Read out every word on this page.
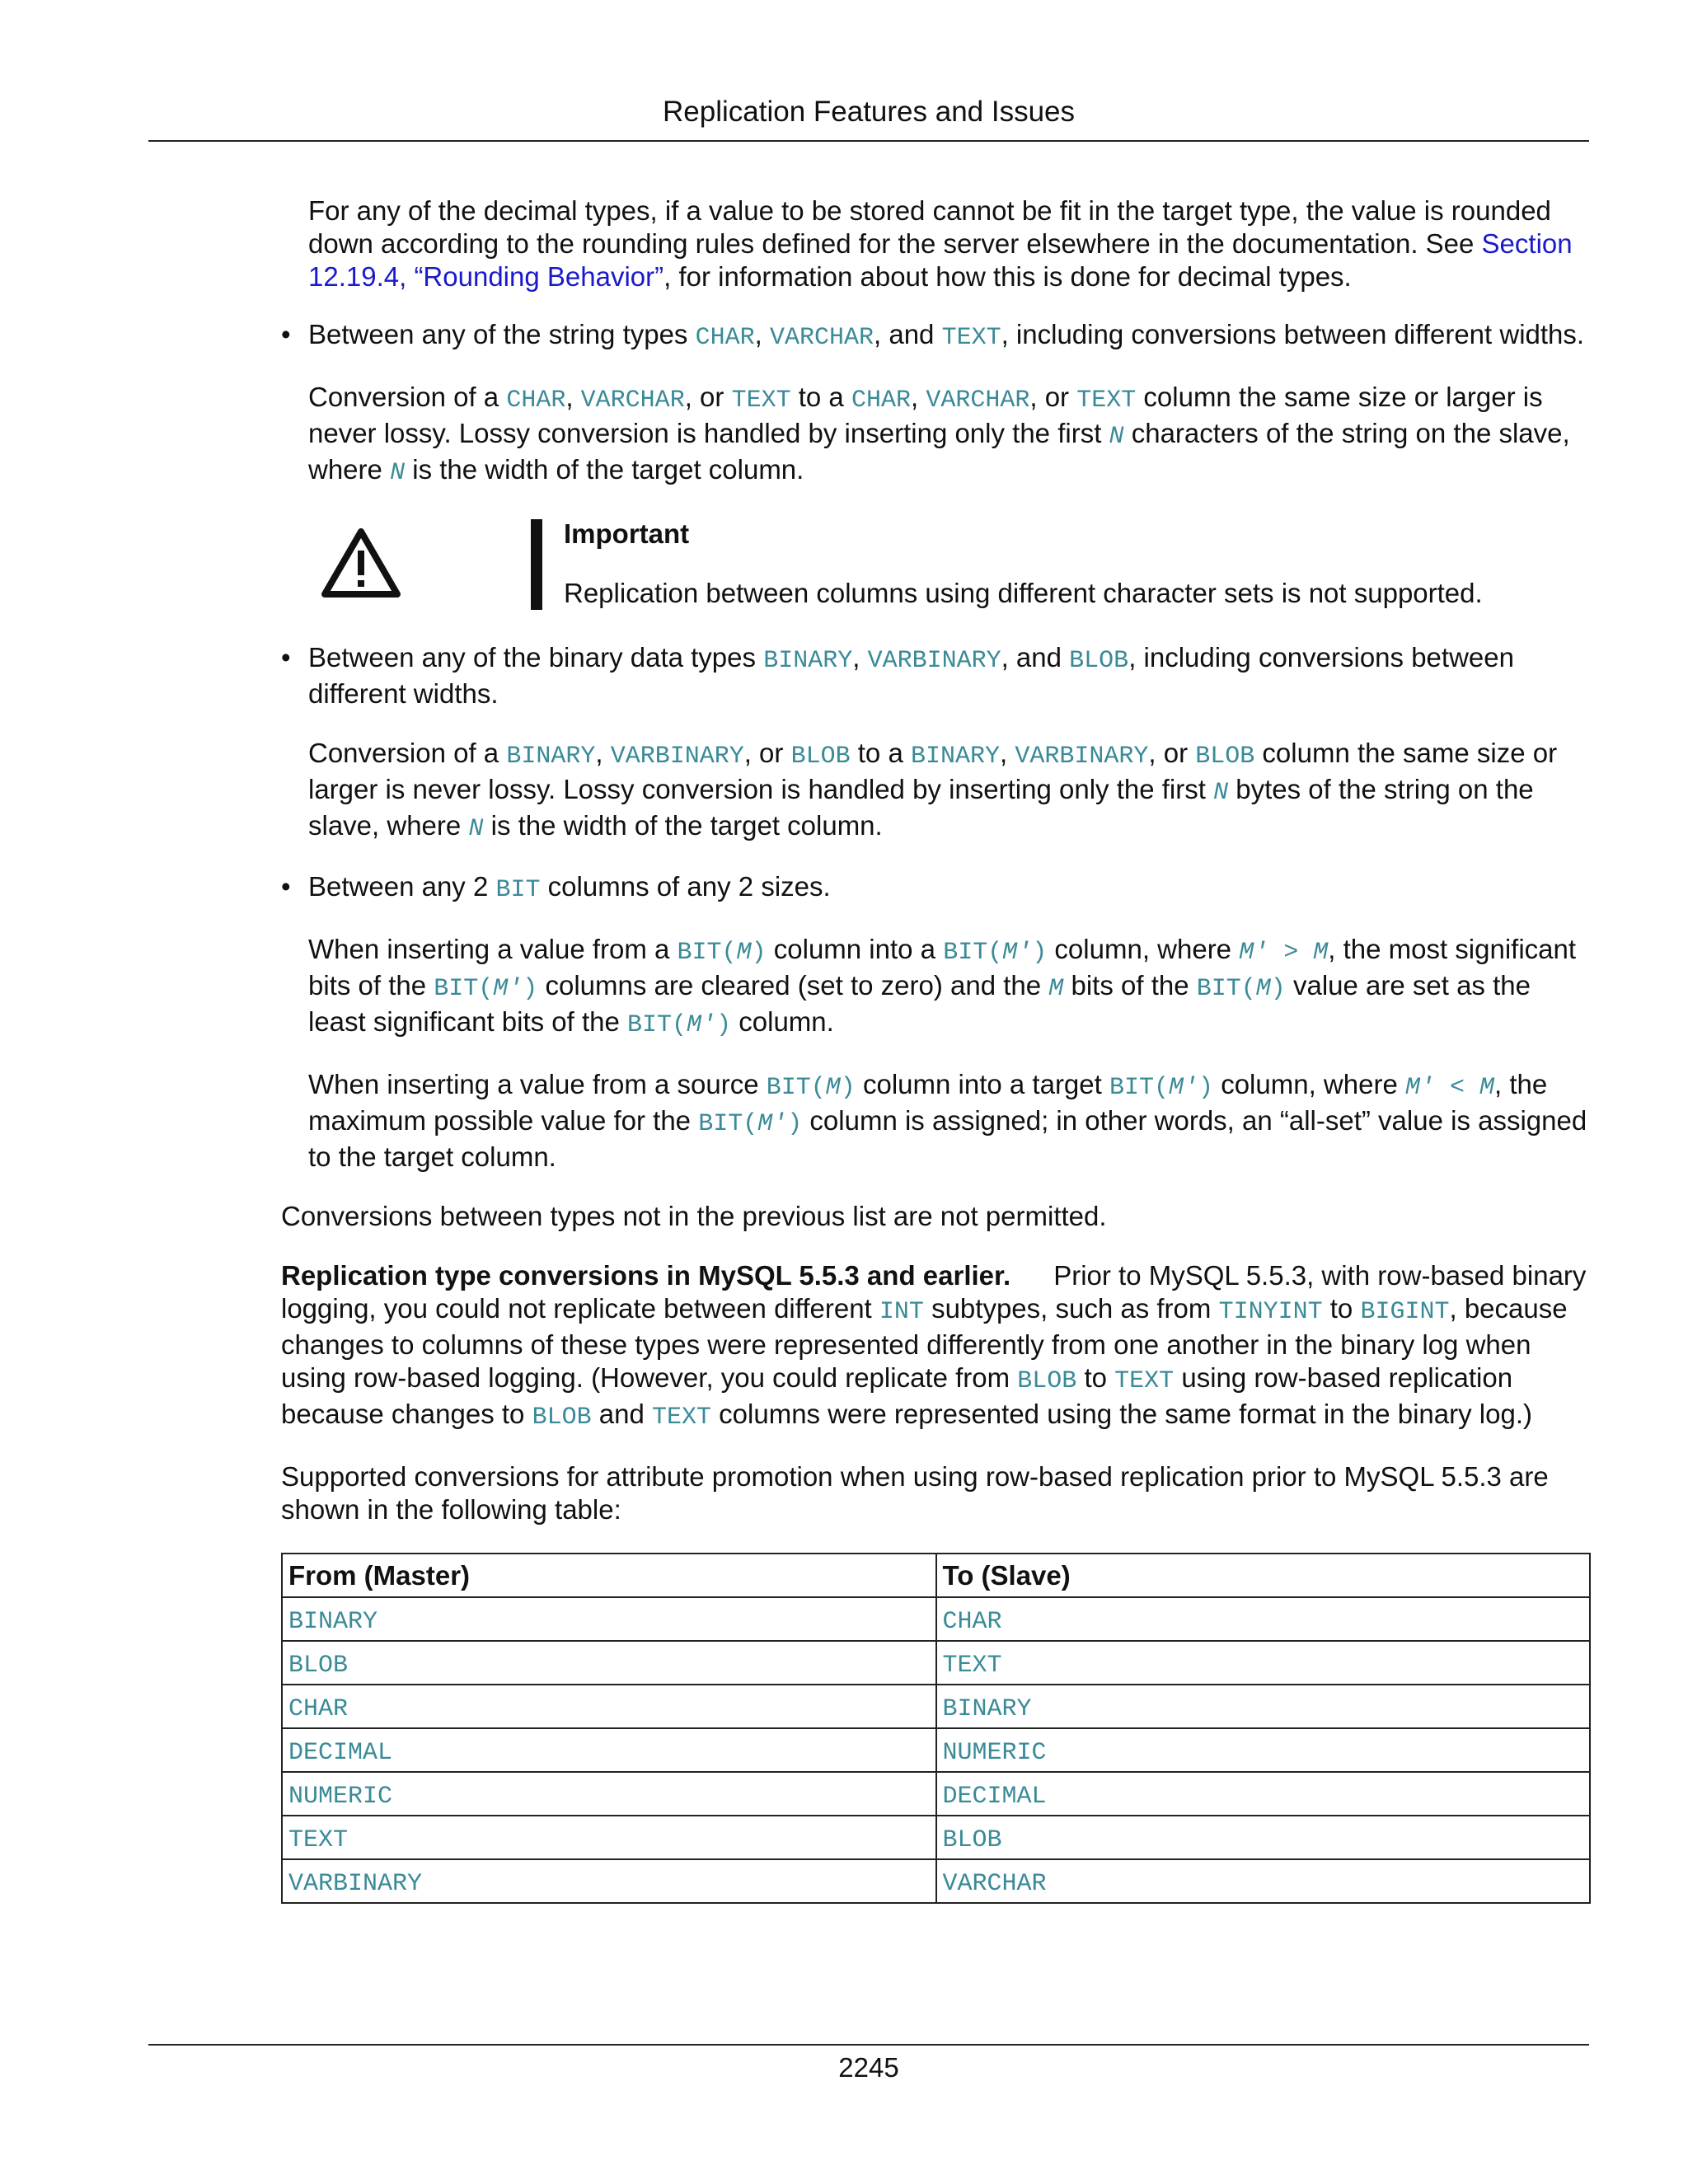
Replication Features and Issues

For any of the decimal types, if a value to be stored cannot be fit in the target type, the value is rounded down according to the rounding rules defined for the server elsewhere in the documentation. See Section 12.19.4, “Rounding Behavior”, for information about how this is done for decimal types.

• Between any of the string types CHAR, VARCHAR, and TEXT, including conversions between different widths.

Conversion of a CHAR, VARCHAR, or TEXT to a CHAR, VARCHAR, or TEXT column the same size or larger is never lossy. Lossy conversion is handled by inserting only the first N characters of the string on the slave, where N is the width of the target column.

Important
Replication between columns using different character sets is not supported.
• Between any of the binary data types BINARY, VARBINARY, and BLOB, including conversions between different widths.

Conversion of a BINARY, VARBINARY, or BLOB to a BINARY, VARBINARY, or BLOB column the same size or larger is never lossy. Lossy conversion is handled by inserting only the first N bytes of the string on the slave, where N is the width of the target column.

• Between any 2 BIT columns of any 2 sizes.

When inserting a value from a BIT(M) column into a BIT(M') column, where M' > M, the most significant bits of the BIT(M') columns are cleared (set to zero) and the M bits of the BIT(M) value are set as the least significant bits of the BIT(M') column.

When inserting a value from a source BIT(M) column into a target BIT(M') column, where M' < M, the maximum possible value for the BIT(M') column is assigned; in other words, an “all-set” value is assigned to the target column.

Conversions between types not in the previous list are not permitted.

Replication type conversions in MySQL 5.5.3 and earlier. Prior to MySQL 5.5.3, with row-based binary logging, you could not replicate between different INT subtypes, such as from TINYINT to BIGINT, because changes to columns of these types were represented differently from one another in the binary log when using row-based logging. (However, you could replicate from BLOB to TEXT using row-based replication because changes to BLOB and TEXT columns were represented using the same format in the binary log.)

Supported conversions for attribute promotion when using row-based replication prior to MySQL 5.5.3 are shown in the following table:

From (Master)	To (Slave)
BINARY	CHAR
BLOB	TEXT
CHAR	BINARY
DECIMAL	NUMERIC
NUMERIC	DECIMAL
TEXT	BLOB
VARBINARY	VARCHAR
2245
